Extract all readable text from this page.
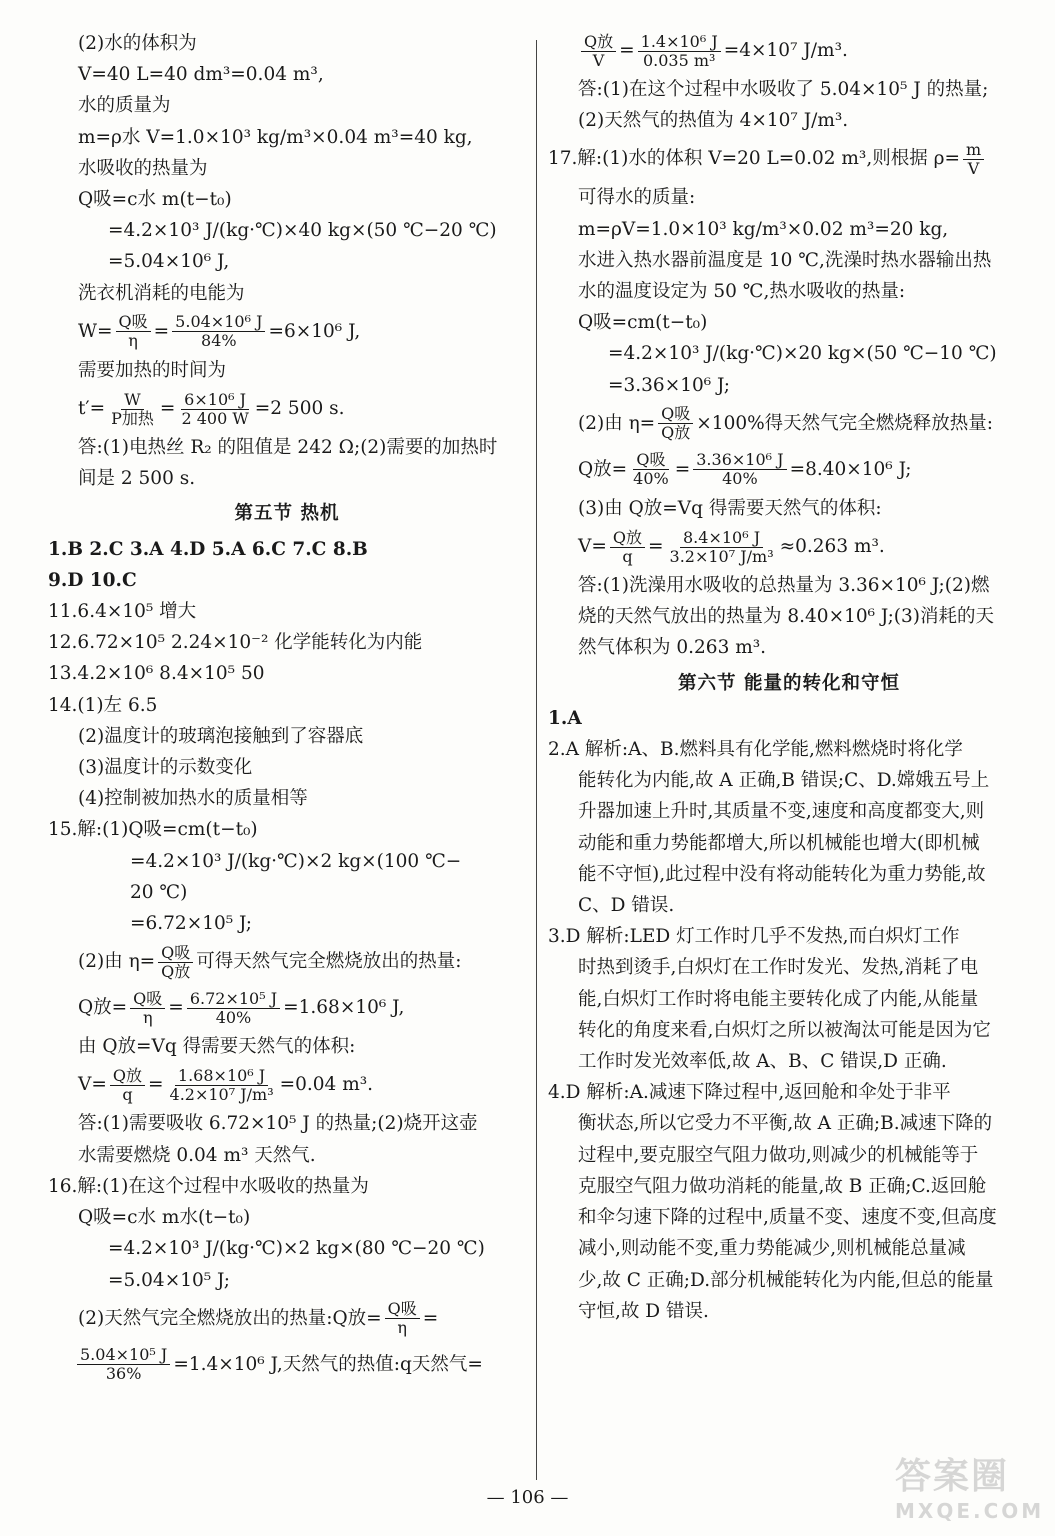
(2)水的体积为
V=40 L=40 dm³=0.04 m³,
水的质量为
m=ρ水 V=1.0×10³ kg/m³×0.04 m³=40 kg,
水吸收的热量为
Q吸=c水 m(t−t₀)
=4.2×10³ J/(kg·℃)×40 kg×(50 ℃−20 ℃)
=5.04×10⁶ J,
洗衣机消耗的电能为
$W= \frac{\text{Q吸}}{\eta} = \frac{\text{5.04×10⁶ J}}{84\%} =6\times 10^6$ J,
需要加热的时间为
$t'= \frac{W}{\text{P加热}} = \frac{\text{6×10⁶ J}}{2 400 W} =2$ 500 s.
答:(1)电热丝 R₂ 的阻值是 242 Ω;(2)需要的加热时
间是 2 500 s.
第五节 热机
1.B 2.C 3.A 4.D 5.A 6.C 7.C 8.B
9.D 10.C
11.6.4×10⁵ 增大
12.6.72×10⁵ 2.24×10⁻² 化学能转化为内能
13.4.2×10⁶ 8.4×10⁵ 50
14.(1)左 6.5
(2)温度计的玻璃泡接触到了容器底
(3)温度计的示数变化
(4)控制被加热水的质量相等
15.解:(1)Q吸=cm(t−t₀)
=4.2×10³ J/(kg·℃)×2 kg×(100 ℃−
20 ℃)
=6.72×10⁵ J;
(2)由 $\eta= \frac{\text{Q吸}}{\text{Q放}}$ 可得天然气完全燃烧放出的热量:
Q放= $\frac{\text{Q吸}}{\eta} = \frac{\text{6.72×10⁵ J}}{40\%} =1.68\times 10^6$ J,
由 Q放=Vq 得需要天然气的体积:
$V= \frac{\text{Q放}}{q} = \frac{\text{1.68×10⁶ J}}{\text{4.2×10⁷ J/m³}} =0.04$ m³.
答:(1)需要吸收 6.72×10⁵ J 的热量;(2)烧开这壶
水需要燃烧 0.04 m³ 天然气.
16.解:(1)在这个过程中水吸收的热量为
Q吸=c水 m水(t−t₀)
=4.2×10³ J/(kg·℃)×2 kg×(80 ℃−20 ℃)
=5.04×10⁵ J;
(2)天然气完全燃烧放出的热量:Q放= $\frac{\text{Q吸}}{\eta}$ =
$\frac{\text{5.04×10⁵ J}}{36\%} =1.4\times 10^6$ J,天然气的热值:q天然气=
$\frac{\text{Q放}}{V} = \frac{\text{1.4×10⁶ J}}{\text{0.035 m³}} =4\times 10^7$ J/m³.
答:(1)在这个过程中水吸收了 5.04×10⁵ J 的热量;
(2)天然气的热值为 4×10⁷ J/m³.
17.解:(1)水的体积 V=20 L=0.02 m³,则根据 $\rho= \frac{m}{V}$
可得水的质量:
m=ρV=1.0×10³ kg/m³×0.02 m³=20 kg,
水进入热水器前温度是 10 ℃,洗澡时热水器输出热
水的温度设定为 50 ℃,热水吸收的热量:
Q吸=cm(t−t₀)
=4.2×10³ J/(kg·℃)×20 kg×(50 ℃−10 ℃)
=3.36×10⁶ J;
(2)由 $\eta= \frac{\text{Q吸}}{\text{Q放}} \times 100\%$得天然气完全燃烧释放热量:
Q放= $\frac{\text{Q吸}}{40\%} = \frac{\text{3.36×10⁶ J}}{40\%} =8.40\times 10^6$ J;
(3)由 Q放=Vq 得需要天然气的体积:
$V= \frac{\text{Q放}}{q} = \frac{\text{8.4×10⁶ J}}{\text{3.2×10⁷ J/m³}} \approx 0.263$ m³.
答:(1)洗澡用水吸收的总热量为 3.36×10⁶ J;(2)燃
烧的天然气放出的热量为 8.40×10⁶ J;(3)消耗的天
然气体积为 0.263 m³.
第六节 能量的转化和守恒
1.A
2.A 解析:A、B.燃料具有化学能,燃料燃烧时将化学
能转化为内能,故 A 正确,B 错误;C、D.嫦娥五号上
升器加速上升时,其质量不变,速度和高度都变大,则
动能和重力势能都增大,所以机械能也增大(即机械
能不守恒),此过程中没有将动能转化为重力势能,故
C、D 错误.
3.D 解析:LED 灯工作时几乎不发热,而白炽灯工作
时热到烫手,白炽灯在工作时发光、发热,消耗了电
能,白炽灯工作时将电能主要转化成了内能,从能量
转化的角度来看,白炽灯之所以被淘汰可能是因为它
工作时发光效率低,故 A、B、C 错误,D 正确.
4.D 解析:A.减速下降过程中,返回舱和伞处于非平
衡状态,所以它受力不平衡,故 A 正确;B.减速下降的
过程中,要克服空气阻力做功,则减少的机械能等于
克服空气阻力做功消耗的能量,故 B 正确;C.返回舱
和伞匀速下降的过程中,质量不变、速度不变,但高度
减小,则动能不变,重力势能减少,则机械能总量减
少,故 C 正确;D.部分机械能转化为内能,但总的能量
守恒,故 D 错误.
— 106 —
答案圈
MXQE.COM
